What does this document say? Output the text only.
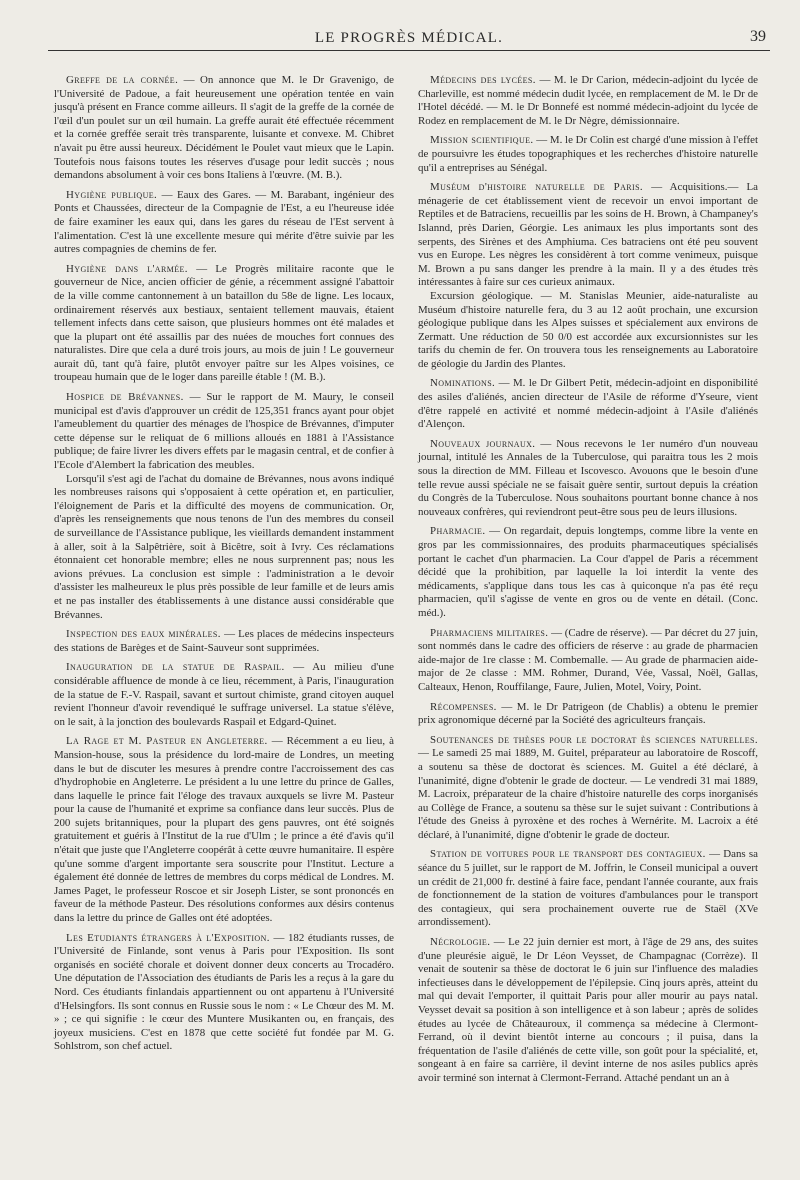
LE PROGRÈS MÉDICAL.	39

Greffe de la cornée. — On annonce que M. le Dr Gravenigo, de l'Université de Padoue, a fait heureusement une opération tentée en vain jusqu'à présent en France comme ailleurs. Il s'agit de la greffe de la cornée de l'œil d'un poulet sur un œil humain. La greffe aurait été effectuée récemment et la cornée greffée serait très transparente, luisante et convexe. M. Chibret n'avait pu être aussi heureux. Décidément le Poulet vaut mieux que le Lapin. Toutefois nous faisons toutes les réserves d'usage pour ledit succès ; nous demandons absolument à voir ces bons Italiens à l'œuvre. (M. B.).

Hygiène publique. — Eaux des Gares. — M. Barabant, ingénieur des Ponts et Chaussées, directeur de la Compagnie de l'Est, a eu l'heureuse idée de faire examiner les eaux qui, dans les gares du réseau de l'Est servent à l'alimentation. C'est là une excellente mesure qui mérite d'être suivie par les autres compagnies de chemins de fer.

Hygiène dans l'armée. — Le Progrès militaire raconte que le gouverneur de Nice, ancien officier de génie, a récemment assigné l'abattoir de la ville comme cantonnement à un bataillon du 58e de ligne. Les locaux, ordinairement réservés aux bestiaux, sentaient tellement mauvais, étaient tellement infects dans cette saison, que plusieurs hommes ont été malades et que la plupart ont été assaillis par des nuées de mouches fort connues des naturalistes. Dire que cela a duré trois jours, au mois de juin ! Le gouverneur aurait dû, tant qu'à faire, plutôt envoyer paître sur les Alpes voisines, ce troupeau humain que de le loger dans pareille étable ! (M. B.).

Hospice de Brévannes. — Sur le rapport de M. Maury, le conseil municipal est d'avis d'approuver un crédit de 125,351 francs ayant pour objet l'ameublement du quartier des ménages de l'hospice de Brévannes, d'imputer cette dépense sur le reliquat de 6 millions alloués en 1881 à l'Assistance publique; de faire livrer les divers effets par le magasin central, et de confier à l'Ecole d'Alembert la fabrication des meubles.

Lorsqu'il s'est agi de l'achat du domaine de Brévannes, nous avons indiqué les nombreuses raisons qui s'opposaient à cette opération et, en particulier, l'éloignement de Paris et la difficulté des moyens de communication. Or, d'après les renseignements que nous tenons de l'un des membres du conseil de surveillance de l'Assistance publique, les vieillards demandent instamment à aller, soit à la Salpêtrière, soit à Bicêtre, soit à Ivry. Ces réclamations étonnaient cet honorable membre; elles ne nous surprennent pas; nous les avions prévues. La conclusion est simple : l'administration a le devoir d'assister les malheureux le plus près possible de leur famille et de leurs amis et ne pas installer des établissements à une distance aussi considérable que Brévannes.

Inspection des eaux minérales. — Les places de médecins inspecteurs des stations de Barèges et de Saint-Sauveur sont supprimées.

Inauguration de la statue de Raspail. — Au milieu d'une considérable affluence de monde à ce lieu, récemment, à Paris, l'inauguration de la statue de F.-V. Raspail, savant et surtout chimiste, grand citoyen auquel revient l'honneur d'avoir revendiqué le suffrage universel. La statue s'élève, on le sait, à la jonction des boulevards Raspail et Edgard-Quinet.

La Rage et M. Pasteur en Angleterre. — Récemment a eu lieu, à Mansion-house, sous la présidence du lord-maire de Londres, un meeting dans le but de discuter les mesures à prendre contre l'accroissement des cas d'hydrophobie en Angleterre. Le président a lu une lettre du prince de Galles, dans laquelle le prince fait l'éloge des travaux auxquels se livre M. Pasteur pour la cause de l'humanité et exprime sa confiance dans leur succès. Plus de 200 sujets britanniques, pour la plupart des gens pauvres, ont été soignés gratuitement et guéris à l'Institut de la rue d'Ulm ; le prince a été d'avis qu'il n'était que juste que l'Angleterre coopérât à cette œuvre humanitaire. Il espère qu'une somme d'argent importante sera souscrite pour l'Institut. Lecture a également été donnée de lettres de membres du corps médical de Londres. M. James Paget, le professeur Roscoe et sir Joseph Lister, se sont prononcés en faveur de la méthode Pasteur. Des résolutions conformes aux désirs contenus dans la lettre du prince de Galles ont été adoptées.

Les Etudiants étrangers à l'Exposition. — 182 étudiants russes, de l'Université de Finlande, sont venus à Paris pour l'Exposition. Ils sont organisés en société chorale et doivent donner deux concerts au Trocadéro. Une députation de l'Association des étudiants de Paris les a reçus à la gare du Nord. Ces étudiants finlandais appartiennent ou ont appartenu à l'Université d'Helsingfors. Ils sont connus en Russie sous le nom : « Le Chœur des M. M. » ; ce qui signifie : le cœur des Muntere Musikanten ou, en français, des joyeux musiciens. C'est en 1878 que cette société fut fondée par M. G. Sohlstrom, son chef actuel.

Médecins des lycées. — M. le Dr Carion, médecin-adjoint du lycée de Charleville, est nommé médecin dudit lycée, en remplacement de M. le Dr de l'Hotel décédé. — M. le Dr Bonnefé est nommé médecin-adjoint du lycée de Rodez en remplacement de M. le Dr Nègre, démissionnaire.

Mission scientifique. — M. le Dr Colin est chargé d'une mission à l'effet de poursuivre les études topographiques et les recherches d'histoire naturelle qu'il a entreprises au Sénégal.

Muséum d'histoire naturelle de Paris. — Acquisitions.— La ménagerie de cet établissement vient de recevoir un envoi important de Reptiles et de Batraciens, recueillis par les soins de H. Brown, à Champaney's Islannd, près Darien, Géorgie. Les animaux les plus importants sont des serpents, des Sirènes et des Amphiuma. Ces batraciens ont été peu souvent vus en Europe. Les nègres les considèrent à tort comme venimeux, puisque M. Brown a pu sans danger les prendre à la main. Il y a des études très intéressantes à faire sur ces curieux animaux.

Excursion géologique. — M. Stanislas Meunier, aide-naturaliste au Muséum d'histoire naturelle fera, du 3 au 12 août prochain, une excursion géologique publique dans les Alpes suisses et spécialement aux environs de Zermatt. Une réduction de 50 0/0 est accordée aux excursionnistes sur les tarifs du chemin de fer. On trouvera tous les renseignements au Laboratoire de géologie du Jardin des Plantes.

Nominations. — M. le Dr Gilbert Petit, médecin-adjoint en disponibilité des asiles d'aliénés, ancien directeur de l'Asile de réforme d'Yseure, vient d'être rappelé en activité et nommé médecin-adjoint à l'Asile d'aliénés d'Alençon.

Nouveaux journaux. — Nous recevons le 1er numéro d'un nouveau journal, intitulé les Annales de la Tuberculose, qui paraitra tous les 2 mois sous la direction de MM. Filleau et Iscovesco. Avouons que le besoin d'une telle revue aussi spéciale ne se faisait guère sentir, surtout depuis la création du Congrès de la Tuberculose. Nous souhaitons pourtant bonne chance à nos nouveaux confrères, qui reviendront peut-être sous peu de leurs illusions.

Pharmacie. — On regardait, depuis longtemps, comme libre la vente en gros par les commissionnaires, des produits pharmaceutiques spécialisés portant le cachet d'un pharmacien. La Cour d'appel de Paris a récemment décidé que la prohibition, par laquelle la loi interdit la vente des médicaments, s'applique dans tous les cas à quiconque n'a pas été reçu pharmacien, qu'il s'agisse de vente en gros ou de vente en détail. (Conc. méd.).

Pharmaciens militaires. — (Cadre de réserve). — Par décret du 27 juin, sont nommés dans le cadre des officiers de réserve : au grade de pharmacien aide-major de 1re classe : M. Combemalle. — Au grade de pharmacien aide-major de 2e classe : MM. Rohmer, Durand, Vée, Vassal, Noël, Gallas, Calteaux, Henon, Rouffilange, Faure, Julien, Motel, Voiry, Point.

Récompenses. — M. le Dr Patrigeon (de Chablis) a obtenu le premier prix agronomique décerné par la Société des agriculteurs français.

Soutenances de thèses pour le doctorat ès sciences naturelles. — Le samedi 25 mai 1889, M. Guitel, préparateur au laboratoire de Roscoff, a soutenu sa thèse de doctorat ès sciences. M. Guitel a été déclaré, à l'unanimité, digne d'obtenir le grade de docteur. — Le vendredi 31 mai 1889, M. Lacroix, préparateur de la chaire d'histoire naturelle des corps inorganisés au Collège de France, a soutenu sa thèse sur le sujet suivant : Contributions à l'étude des Gneiss à pyroxène et des roches à Wernérite. M. Lacroix a été déclaré, à l'unanimité, digne d'obtenir le grade de docteur.

Station de voitures pour le transport des contagieux. — Dans sa séance du 5 juillet, sur le rapport de M. Joffrin, le Conseil municipal a ouvert un crédit de 21,000 fr. destiné à faire face, pendant l'année courante, aux frais de fonctionnement de la station de voitures d'ambulances pour le transport des contagieux, qui sera prochainement ouverte rue de Staël (XVe arrondissement).

Nécrologie. — Le 22 juin dernier est mort, à l'âge de 29 ans, des suites d'une pleurésie aiguë, le Dr Léon Veysset, de Champagnac (Corrèze). Il venait de soutenir sa thèse de doctorat le 6 juin sur l'influence des maladies infectieuses dans le développement de l'épilepsie. Cinq jours après, atteint du mal qui devait l'emporter, il quittait Paris pour aller mourir au pays natal. Veysset devait sa position à son intelligence et à son labeur ; après de solides études au lycée de Châteauroux, il commença sa médecine à Clermont-Ferrand, où il devint bientôt interne au concours ; il puisa, dans la fréquentation de l'asile d'aliénés de cette ville, son goût pour la spécialité, et, songeant à en faire sa carrière, il devint interne de nos asiles publics après avoir terminé son internat à Clermont-Ferrand. Attaché pendant un an à
